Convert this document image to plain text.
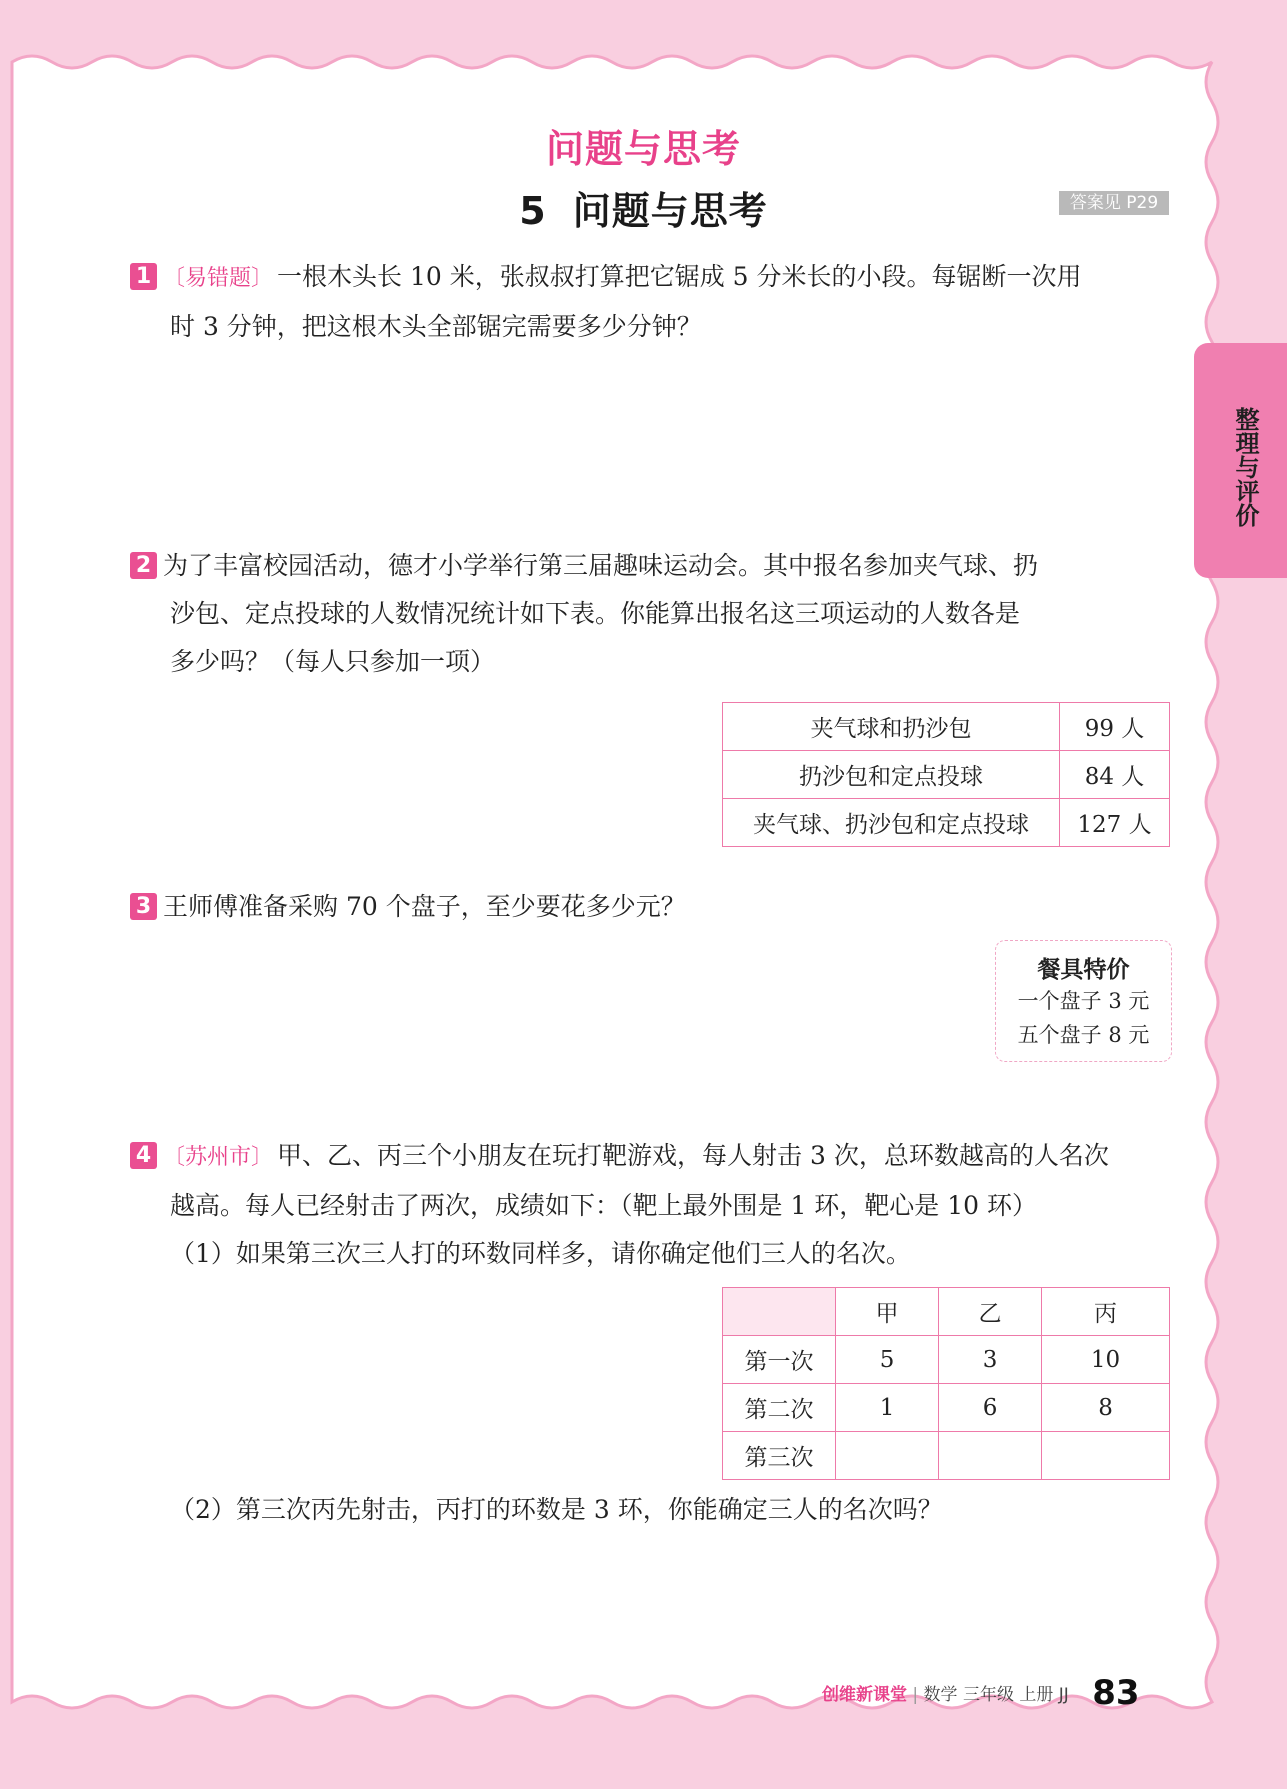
问题与思考
5 问题与思考	答案见 P29
整理与评价
1 〔易错题〕 一根木头长 10 米，张叔叔打算把它锯成 5 分米长的小段。每锯断一次用
时 3 分钟，把这根木头全部锯完需要多少分钟？
2 为了丰富校园活动，德才小学举行第三届趣味运动会。其中报名参加夹气球、扔
沙包、定点投球的人数情况统计如下表。你能算出报名这三项运动的人数各是
多少吗？（每人只参加一项）
夹气球和扔沙包	99 人
扔沙包和定点投球	84 人
夹气球、扔沙包和定点投球	127 人
3 王师傅准备采购 70 个盘子，至少要花多少元？
餐具特价
一个盘子 3 元
五个盘子 8 元
4 〔苏州市〕 甲、乙、丙三个小朋友在玩打靶游戏，每人射击 3 次，总环数越高的人名次
越高。每人已经射击了两次，成绩如下：（靶上最外围是 1 环，靶心是 10 环）
（1）如果第三次三人打的环数同样多，请你确定他们三人的名次。
	甲	乙	丙
第一次	5	3	10
第二次	1	6	8
第三次			
（2）第三次丙先射击，丙打的环数是 3 环，你能确定三人的名次吗？
创维新课堂 | 数学 三年级 上册 JJ 83
